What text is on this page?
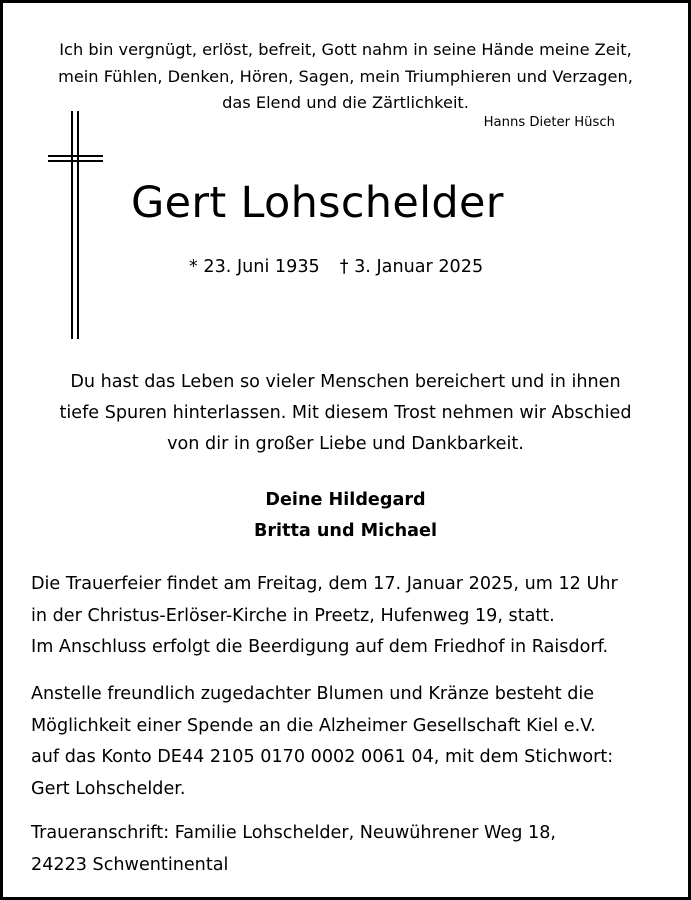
Ich bin vergnügt, erlöst, befreit, Gott nahm in seine Hände meine Zeit,
mein Fühlen, Denken, Hören, Sagen, mein Triumphieren und Verzagen,
das Elend und die Zärtlichkeit.
Hanns Dieter Hüsch
Gert Lohschelder
* 23. Juni 1935 † 3. Januar 2025
Du hast das Leben so vieler Menschen bereichert und in ihnen
tiefe Spuren hinterlassen. Mit diesem Trost nehmen wir Abschied
von dir in großer Liebe und Dankbarkeit.
Deine Hildegard
Britta und Michael
Die Trauerfeier findet am Freitag, dem 17. Januar 2025, um 12 Uhr
in der Christus-Erlöser-Kirche in Preetz, Hufenweg 19, statt.
Im Anschluss erfolgt die Beerdigung auf dem Friedhof in Raisdorf.
Anstelle freundlich zugedachter Blumen und Kränze besteht die
Möglichkeit einer Spende an die Alzheimer Gesellschaft Kiel e.V.
auf das Konto DE44 2105 0170 0002 0061 04, mit dem Stichwort:
Gert Lohschelder.
Traueranschrift: Familie Lohschelder, Neuwührener Weg 18,
24223 Schwentinental
